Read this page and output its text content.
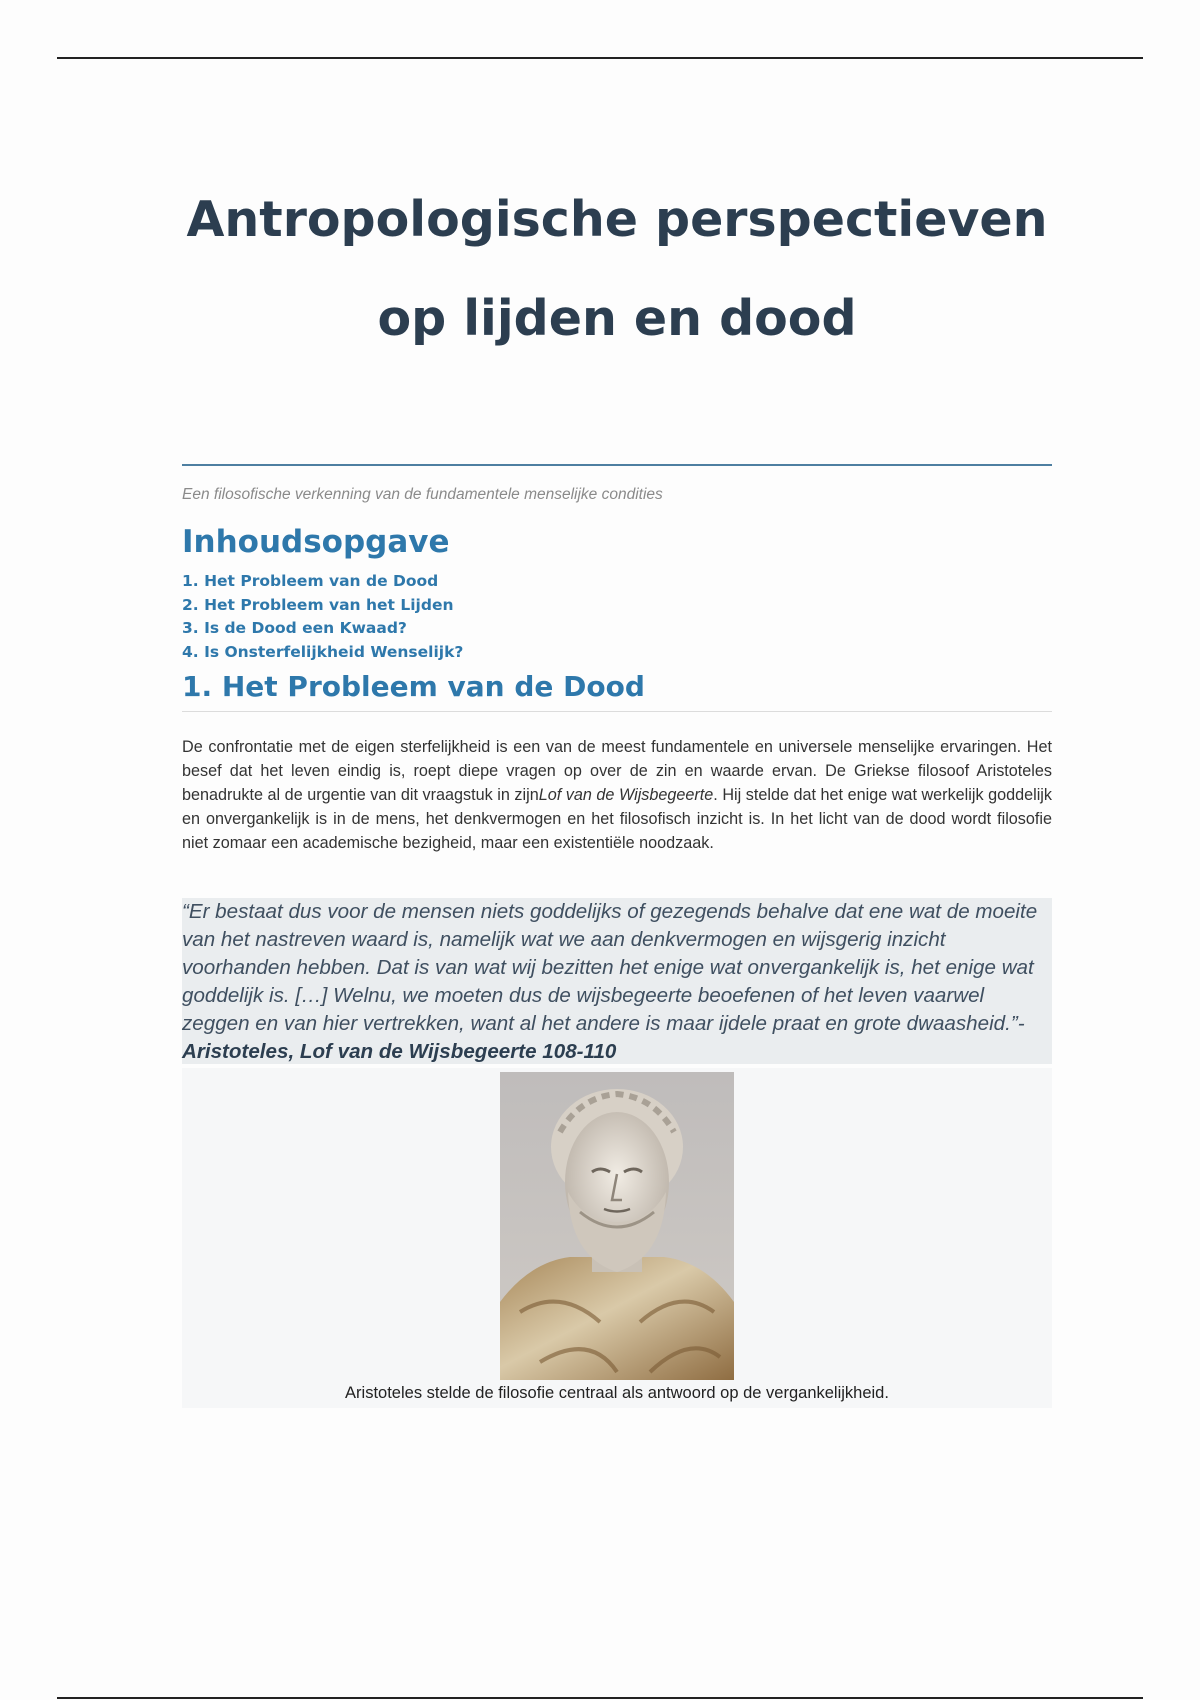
Antropologische perspectieven op lijden en dood

Een filosofische verkenning van de fundamentele menselijke condities

Inhoudsopgave
1. Het Probleem van de Dood
2. Het Probleem van het Lijden
3. Is de Dood een Kwaad?
4. Is Onsterfelijkheid Wenselijk?
1. Het Probleem van de Dood

De confrontatie met de eigen sterfelijkheid is een van de meest fundamentele en universele menselijke ervaringen. Het besef dat het leven eindig is, roept diepe vragen op over de zin en waarde ervan. De Griekse filosoof Aristoteles benadrukte al de urgentie van dit vraagstuk in zijnLof van de Wijsbegeerte. Hij stelde dat het enige wat werkelijk goddelijk en onvergankelijk is in de mens, het denkvermogen en het filosofisch inzicht is. In het licht van de dood wordt filosofie niet zomaar een academische bezigheid, maar een existentiële noodzaak.

“Er bestaat dus voor de mensen niets goddelijks of gezegends behalve dat ene wat de moeite van het nastreven waard is, namelijk wat we aan denkvermogen en wijsgerig inzicht voorhanden hebben. Dat is van wat wij bezitten het enige wat onvergankelijk is, het enige wat goddelijk is. […] Welnu, we moeten dus de wijsbegeerte beoefenen of het leven vaarwel zeggen en van hier vertrekken, want al het andere is maar ijdele praat en grote dwaasheid.”-
Aristoteles, Lof van de Wijsbegeerte 108-110
Aristoteles stelde de filosofie centraal als antwoord op de vergankelijkheid.
